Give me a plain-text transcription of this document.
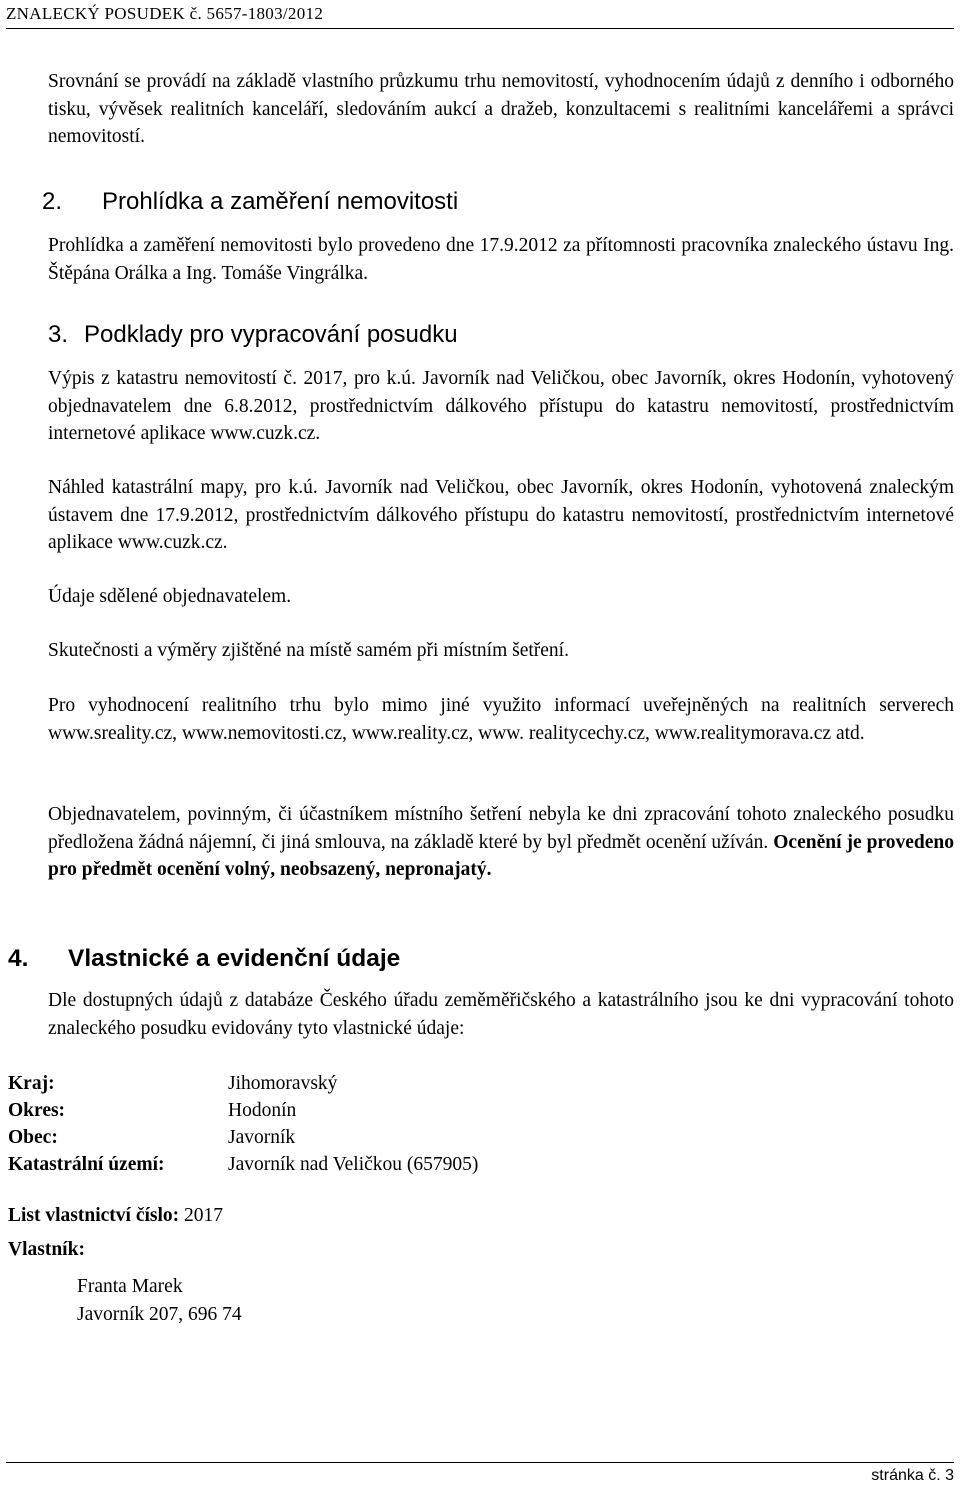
ZNALECKÝ POSUDEK č. 5657-1803/2012

Srovnání se provádí na základě vlastního průzkumu trhu nemovitostí, vyhodnocením údajů z denního i odborného tisku, vývěsek realitních kanceláří, sledováním aukcí a dražeb, konzultacemi s realitními kancelářemi a správci nemovitostí.

2. Prohlídka a zaměření nemovitosti

Prohlídka a zaměření nemovitosti bylo provedeno dne 17.9.2012 za přítomnosti pracovníka znaleckého ústavu Ing. Štěpána Orálka a Ing. Tomáše Vingrálka.

3. Podklady pro vypracování posudku

Výpis z katastru nemovitostí č. 2017, pro k.ú. Javorník nad Veličkou, obec Javorník, okres Hodonín, vyhotovený objednavatelem dne 6.8.2012, prostřednictvím dálkového přístupu do katastru nemovitostí, prostřednictvím internetové aplikace www.cuzk.cz.

Náhled katastrální mapy, pro k.ú. Javorník nad Veličkou, obec Javorník, okres Hodonín, vyhotovená znaleckým ústavem dne 17.9.2012, prostřednictvím dálkového přístupu do katastru nemovitostí, prostřednictvím internetové aplikace www.cuzk.cz.

Údaje sdělené objednavatelem.

Skutečnosti a výměry zjištěné na místě samém při místním šetření.

Pro vyhodnocení realitního trhu bylo mimo jiné využito informací uveřejněných na realitních serverech www.sreality.cz, www.nemovitosti.cz, www.reality.cz, www. realitycechy.cz, www.realitymorava.cz atd.

Objednavatelem, povinným, či účastníkem místního šetření nebyla ke dni zpracování tohoto znaleckého posudku předložena žádná nájemní, či jiná smlouva, na základě které by byl předmět ocenění užíván. Ocenění je provedeno pro předmět ocenění volný, neobsazený, nepronajatý.

4. Vlastnické a evidenční údaje

Dle dostupných údajů z databáze Českého úřadu zeměměřičského a katastrálního jsou ke dni vypracování tohoto znaleckého posudku evidovány tyto vlastnické údaje:

Kraj:	Jihomoravský
Okres:	Hodonín
Obec:	Javorník
Katastrální území:	Javorník nad Veličkou (657905)
List vlastnictví číslo: 2017
Vlastník:
Franta Marek
Javorník 207, 696 74
stránka č. 3
